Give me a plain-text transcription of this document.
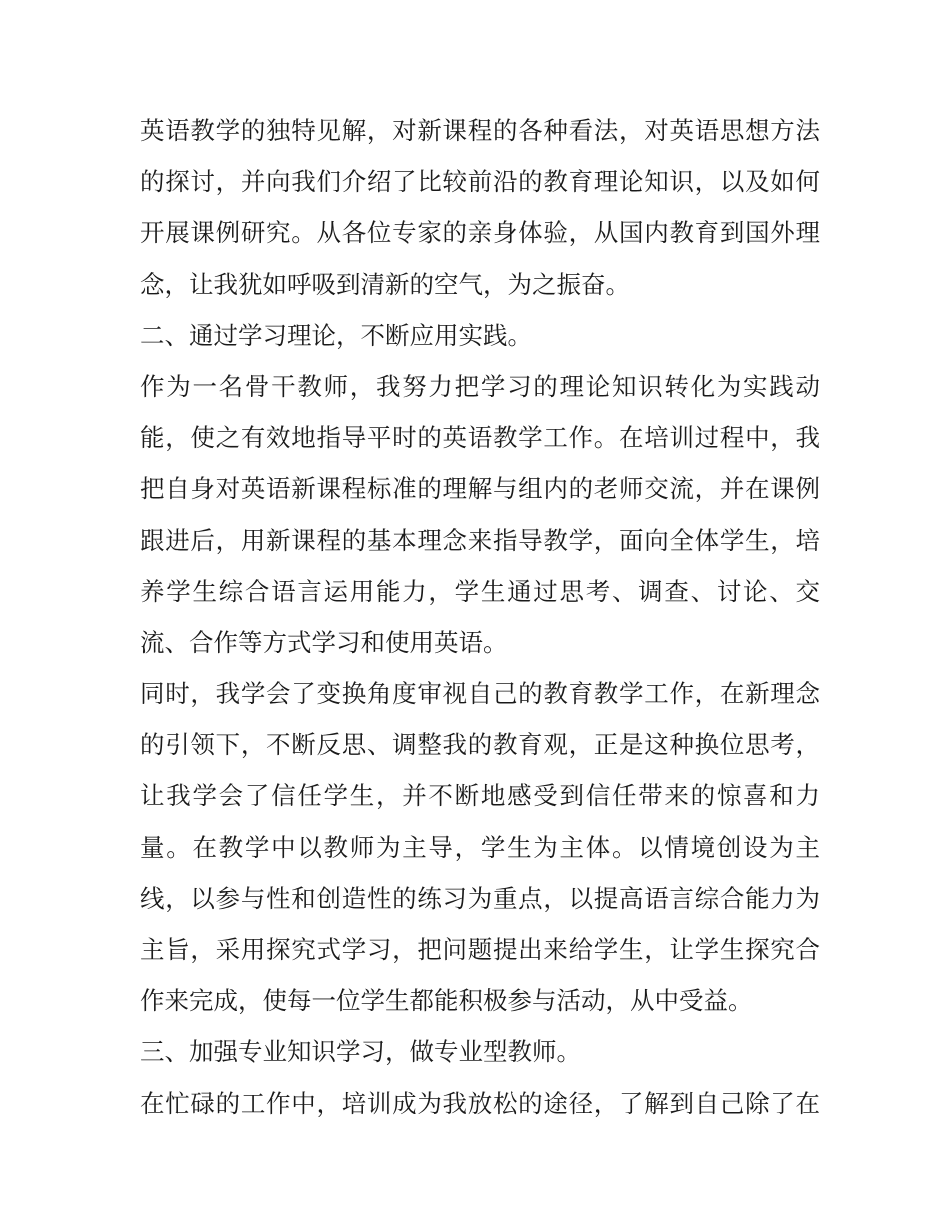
英语教学的独特见解，对新课程的各种看法，对英语思想方法
的探讨，并向我们介绍了比较前沿的教育理论知识，以及如何
开展课例研究。从各位专家的亲身体验，从国内教育到国外理
念，让我犹如呼吸到清新的空气，为之振奋。
二、通过学习理论，不断应用实践。
作为一名骨干教师，我努力把学习的理论知识转化为实践动
能，使之有效地指导平时的英语教学工作。在培训过程中，我
把自身对英语新课程标准的理解与组内的老师交流，并在课例
跟进后，用新课程的基本理念来指导教学，面向全体学生，培
养学生综合语言运用能力，学生通过思考、调查、讨论、交
流、合作等方式学习和使用英语。
同时，我学会了变换角度审视自己的教育教学工作，在新理念
的引领下，不断反思、调整我的教育观，正是这种换位思考，
让我学会了信任学生，并不断地感受到信任带来的惊喜和力
量。在教学中以教师为主导，学生为主体。以情境创设为主
线，以参与性和创造性的练习为重点，以提高语言综合能力为
主旨，采用探究式学习，把问题提出来给学生，让学生探究合
作来完成，使每一位学生都能积极参与活动，从中受益。
三、加强专业知识学习，做专业型教师。
在忙碌的工作中，培训成为我放松的途径，了解到自己除了在
